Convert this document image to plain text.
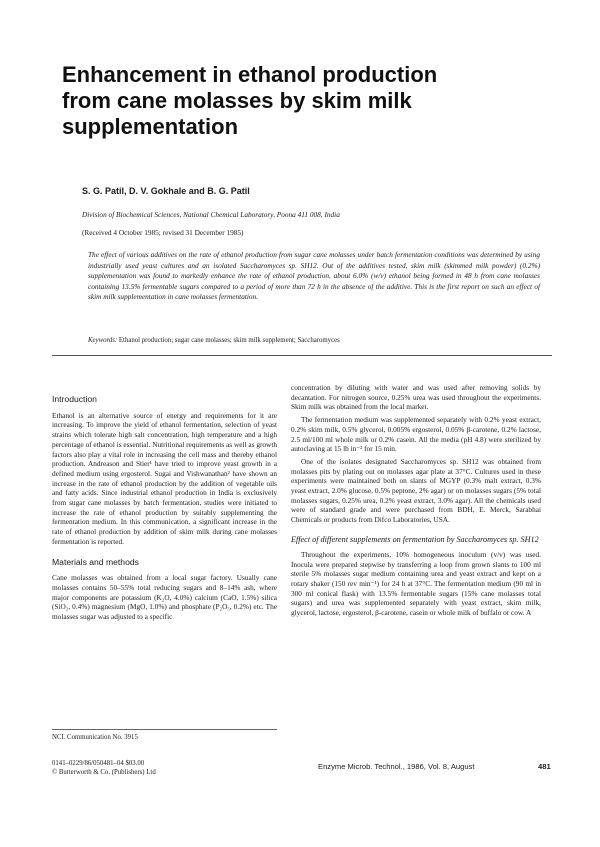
Enhancement in ethanol production
from cane molasses by skim milk
supplementation

S. G. Patil, D. V. Gokhale and B. G. Patil

Division of Biochemical Sciences, National Chemical Laboratory, Poona 411 008, India

(Received 4 October 1985; revised 31 December 1985)

The effect of various additives on the rate of ethanol production from sugar cane molasses under batch fermentation conditions was determined by using industrially used yeast cultures and an isolated Saccharomyces sp. SH12. Out of the additives tested, skim milk (skimmed milk powder) (0.2%) supplementation was found to markedly enhance the rate of ethanol production, about 6.0% (w/v) ethanol being formed in 48 h from cane molasses containing 13.5% fermentable sugars compared to a period of more than 72 h in the absence of the additive. This is the first report on such an effect of skim milk supplementation in cane molasses fermentation.

Keywords: Ethanol production; sugar cane molasses; skim milk supplement; Saccharomyces

Introduction

Ethanol is an alternative source of energy and requirements for it are increasing. To improve the yield of ethanol fermentation, selection of yeast strains which tolerate high salt concentration, high temperature and a high percentage of ethanol is essential. Nutritional requirements as well as growth factors also play a vital role in increasing the cell mass and thereby ethanol production. Andreason and Stier¹ have tried to improve yeast growth in a defined medium using ergosterol. Sugai and Vishwanathan² have shown an increase in the rate of ethanol production by the addition of vegetable oils and fatty acids. Since industrial ethanol production in India is exclusively from sugar cane molasses by batch fermentation, studies were initiated to increase the rate of ethanol production by suitably supplementing the fermentation medium. In this communication, a significant increase in the rate of ethanol production by addition of skim milk during cane molasses fermentation is reported.

Materials and methods

Cane molasses was obtained from a local sugar factory. Usually cane molasses contains 50–55% total reducing sugars and 8–14% ash, where major components are potassium (K₂O, 4.0%) calcium (CaO, 1.5%) silica (SiO₂, 0.4%) magnesium (MgO, 1.0%) and phosphate (P₂O₅, 0.2%) etc. The molasses sugar was adjusted to a specific

concentration by diluting with water and was used after removing solids by decantation. For nitrogen source, 0.25% urea was used throughout the experiments. Skim milk was obtained from the local market.

The fermentation medium was supplemented separately with 0.2% yeast extract, 0.2% skim milk, 0.5% glycerol, 0.005% ergosterol, 0.05% β-carotene, 0.2% lactose, 2.5 ml/100 ml whole milk or 0.2% casein. All the media (pH 4.8) were sterilized by autoclaving at 15 lb in⁻² for 15 min.

One of the isolates designated Saccharomyces sp. SH12 was obtained from molasses pits by plating out on molasses agar plate at 37°C. Cultures used in these experiments were maintained both on slants of MGYP (0.3% malt extract, 0.3% yeast extract, 2.0% glucose, 0.5% peptone, 2% agar) or on molasses sugars (5% total molasses sugars, 0.25% urea, 0.2% yeast extract, 3.0% agar). All the chemicals used were of standard grade and were purchased from BDH, E. Merck, Sarabhai Chemicals or products from Difco Laboratories, USA.

Effect of different supplements on fermentation by Saccharomyces sp. SH12

Throughout the experiments, 10% homogeneous inoculum (v/v) was used. Inocula were prepared stepwise by transferring a loop from grown slants to 100 ml sterile 5% molasses sugar medium containing urea and yeast extract and kept on a rotary shaker (150 rev min⁻¹) for 24 h at 37°C. The fermentation medium (90 ml in 300 ml conical flask) with 13.5% fermentable sugars (15% cane molasses total sugars) and urea was supplemented separately with yeast extract, skim milk, glycerol, lactose, ergosterol, β-carotene, casein or whole milk of buffalo or cow. A

NCL Communication No. 3915

0141–0229/86/050481–04 $03.00
© Butterworth & Co. (Publishers) Ltd

Enzyme Microb. Technol., 1986, Vol. 8, August	481
